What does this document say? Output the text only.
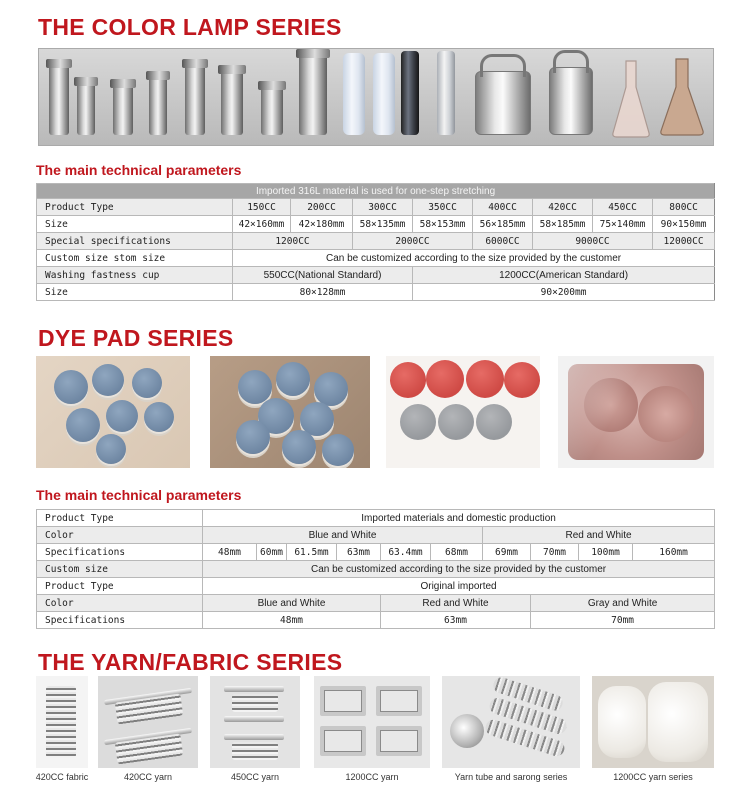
THE COLOR LAMP SERIES
The main technical parameters
Imported 316L material is used for one-step stretching								
Product Type	150CC	200CC	300CC	350CC	400CC	420CC	450CC	800CC
Size	42×160mm	42×180mm	58×135mm	58×153mm	56×185mm	58×185mm	75×140mm	90×150mm
Special specifications	1200CC		2000CC		6000CC	9000CC		12000CC
Custom size stom size	Can be customized according to the size provided by the customer							
Washing fastness cup	550CC(National Standard)			1200CC(American Standard)				
Size	80×128mm			90×200mm				
DYE PAD SERIES
The main technical parameters
Product Type	Imported materials and domestic production									
Color	Blue and White						Red and White			
Specifications	48mm	60mm	61.5mm	63mm	63.4mm	68mm	69mm	70mm	100mm	160mm
Custom size	Can be customized according to the size provided by the customer									
Product Type	Original imported									
Color	Blue and White				Red and White			Gray and White		
Specifications	48mm				63mm			70mm		
THE YARN/FABRIC SERIES
420CC fabric	420CC yarn	450CC yarn	1200CC yarn	Yarn tube and sarong series	1200CC yarn series
